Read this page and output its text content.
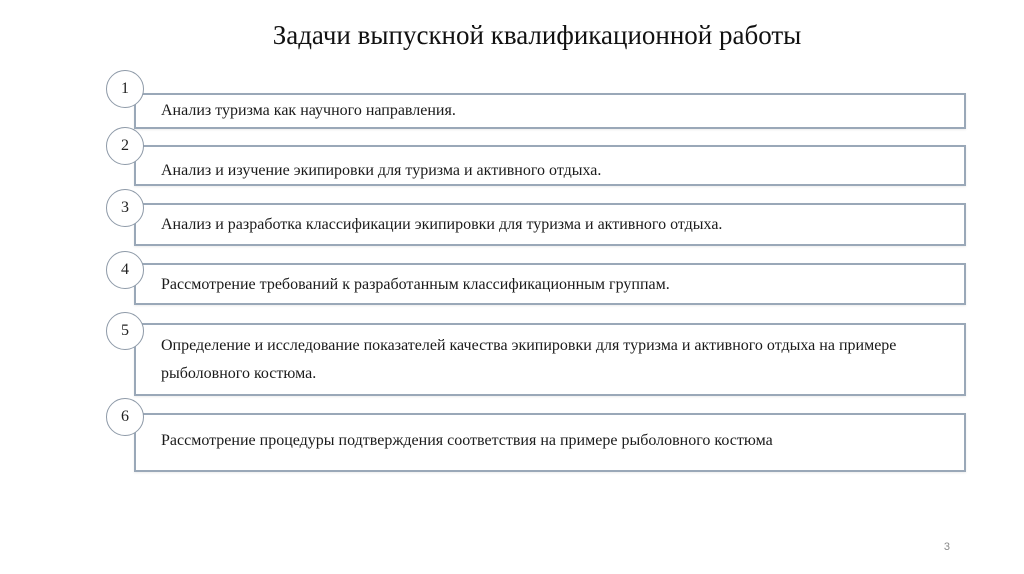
Задачи выпускной квалификационной работы
Анализ туризма как научного направления.
1
Анализ и изучение экипировки для туризма и активного отдыха.
2
Анализ и разработка классификации экипировки для туризма и активного отдыха.
3
Рассмотрение требований к разработанным классификационным группам.
4
Определение и исследование показателей качества экипировки для туризма и активного отдыха на примере рыболовного костюма.
5
Рассмотрение процедуры подтверждения соответствия на примере рыболовного костюма
6
3
